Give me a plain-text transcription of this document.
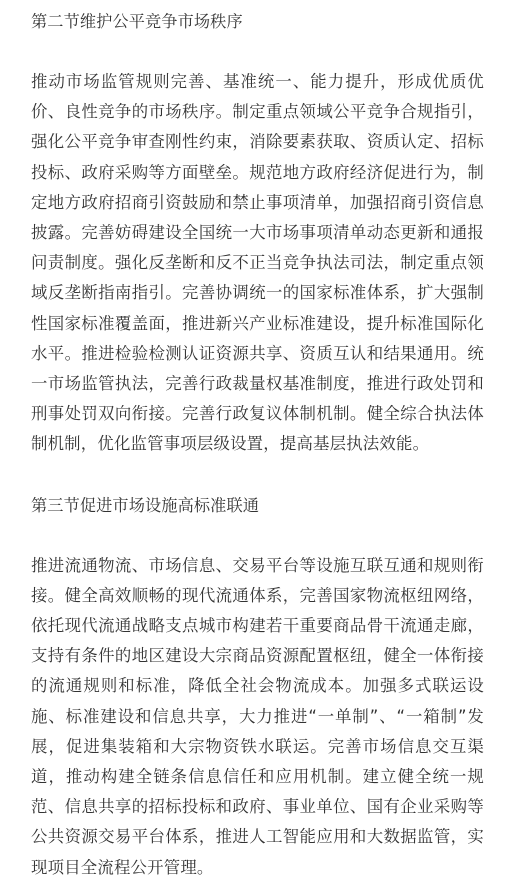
第二节维护公平竞争市场秩序

推动市场监管规则完善、基准统一、能力提升，形成优质优价、良性竞争的市场秩序。制定重点领域公平竞争合规指引，强化公平竞争审查刚性约束，消除要素获取、资质认定、招标投标、政府采购等方面壁垒。规范地方政府经济促进行为，制定地方政府招商引资鼓励和禁止事项清单，加强招商引资信息披露。完善妨碍建设全国统一大市场事项清单动态更新和通报问责制度。强化反垄断和反不正当竞争执法司法，制定重点领域反垄断指南指引。完善协调统一的国家标准体系，扩大强制性国家标准覆盖面，推进新兴产业标准建设，提升标准国际化水平。推进检验检测认证资源共享、资质互认和结果通用。统一市场监管执法，完善行政裁量权基准制度，推进行政处罚和刑事处罚双向衔接。完善行政复议体制机制。健全综合执法体制机制，优化监管事项层级设置，提高基层执法效能。

第三节促进市场设施高标准联通

推进流通物流、市场信息、交易平台等设施互联互通和规则衔接。健全高效顺畅的现代流通体系，完善国家物流枢纽网络，依托现代流通战略支点城市构建若干重要商品骨干流通走廊，支持有条件的地区建设大宗商品资源配置枢纽，健全一体衔接的流通规则和标准，降低全社会物流成本。加强多式联运设施、标准建设和信息共享，大力推进“一单制”、“一箱制”发展，促进集装箱和大宗物资铁水联运。完善市场信息交互渠道，推动构建全链条信息信任和应用机制。建立健全统一规范、信息共享的招标投标和政府、事业单位、国有企业采购等公共资源交易平台体系，推进人工智能应用和大数据监管，实现项目全流程公开管理。
